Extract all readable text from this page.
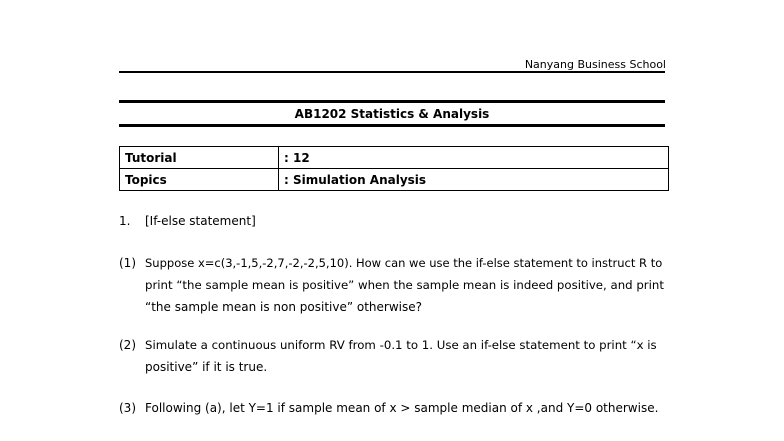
Nanyang Business School
AB1202 Statistics & Analysis
Tutorial	: 12
Topics	: Simulation Analysis
1. [If-else statement]
(1) Suppose x=c(3,-1,5,-2,7,-2,-2,5,10). How can we use the if-else statement to instruct R to
print “the sample mean is positive” when the sample mean is indeed positive, and print
“the sample mean is non positive” otherwise?
(2) Simulate a continuous uniform RV from -0.1 to 1. Use an if-else statement to print “x is
positive” if it is true.
(3) Following (a), let Y=1 if sample mean of x > sample median of x ,and Y=0 otherwise.
